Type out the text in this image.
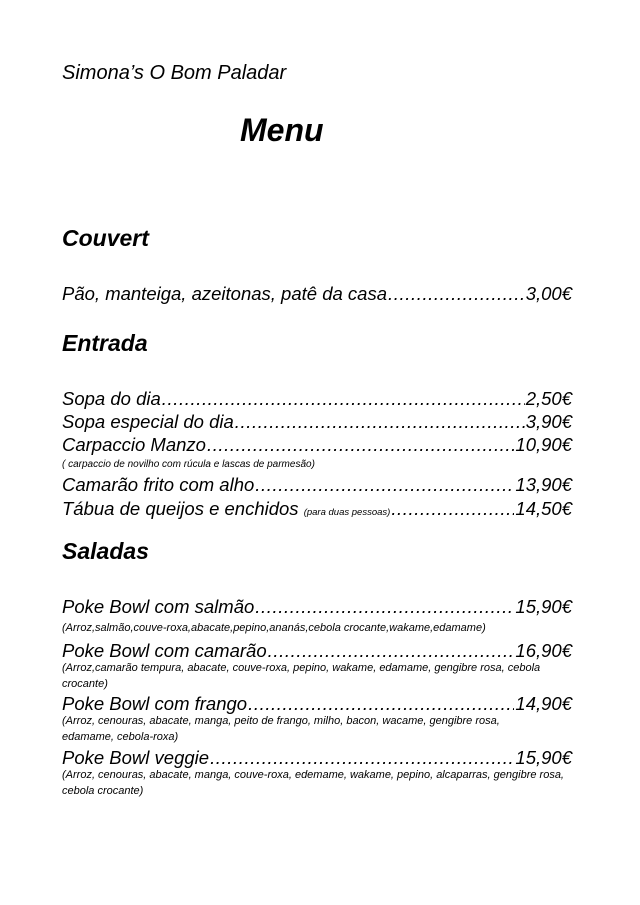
Simona’s O Bom Paladar
Menu
Couvert
Pão, manteiga, azeitonas, patê da casa .....	3,00€
Entrada
Sopa do dia .....	2,50€
Sopa especial do dia .....	3,90€
Carpaccio Manzo .....	10,90€
( carpaccio de novilho com rúcula e lascas de parmesão)
Camarão frito com alho .....	13,90€
Tábua de queijos e enchidos
(para duas pessoas) .....	14,50€
Saladas
Poke Bowl com salmão .....	15,90€
(Arroz,salmão,couve-roxa,abacate,pepino,ananás,cebola crocante,wakame,edamame)
Poke Bowl com camarão .....	16,90€
(Arroz,camarão tempura, abacate, couve-roxa, pepino, wakame, edamame, gengibre rosa, cebola crocante)
Poke Bowl com frango .....	14,90€
(Arroz, cenouras, abacate, manga, peito de frango, milho, bacon, wacame, gengibre rosa, edamame, cebola-roxa)
Poke Bowl veggie .....	15,90€
(Arroz, cenouras, abacate, manga, couve-roxa, edemame, wakame, pepino, alcaparras, gengibre rosa, cebola crocante)
